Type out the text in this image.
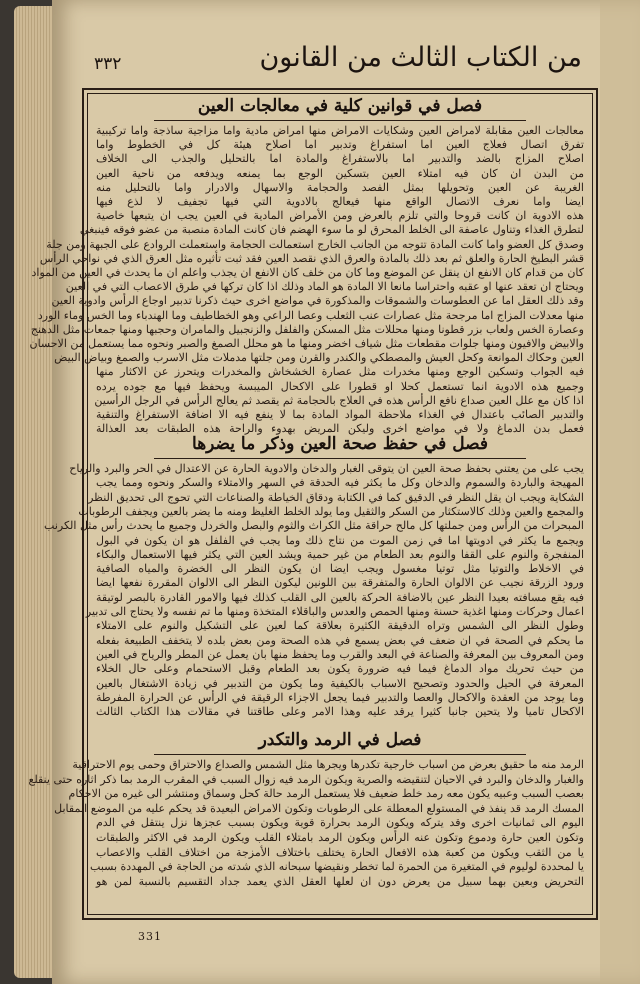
٣٣٢	من الكتاب الثالث من القانون
فصل في قوانين كلية في معالجات العين
معالجات العين مقابلة لامراض العين وشكايات الامراض منها امراض مادية واما مزاجية ساذجة واما تركيبية
تفرق اتصال فعلاج العين اما استفراغ وتدبير اما اصلاح هيئة كل في الخطوط واما
اصلاح المزاج بالضد والتدبير اما بالاستفراغ والمادة اما بالتحليل والجذب الى الخلاف
من البدن ان كان فيه امتلاء العين بتسكين الوجع بما يمنعه ويدفعه من ناحية العين
الغريبة عن العين وتحويلها بمثل الفصد والحجامة والاسهال والادرار واما بالتحليل منه
ايضا واما نعرف الاتصال الواقع منها فيعالج بالادوية التي فيها تجفيف لا لذع فيها
هذه الادوية ان كانت قروحا والتي تلزم بالعرض ومن الأمراض المادية في العين يجب ان يتبعها خاصية
لتطرق الغذاء وتناول عاصفة الى الخلط المحرق لو ما سوء الهضم فان كانت المادة منصبة من عضو فوقه فينبغي
وصدق كل العضو واما كانت المادة تتوجه من الجانب الخارج استعمالت الحجامة واستعملت الروادع على الجبهة ومن جلة
قشر البطيخ الحارة والعلق ثم بعد ذلك بالمادة والعرق الذي نقصد العين فقد ثبت تأثيره مثل العرق الذي في نواحي الرأس
كان من قدام كان الانفع ان ينقل عن الموضع وما كان من خلف كان الانفع ان يجذب واعلم ان ما يحدث في العين من المواد
ويحتاج ان تعقد عنها او عقبه واحتراسا مانعا الا المادة هو الماد وذلك اذا كان تركها في طرق الاعصاب التي في العين
وقد ذلك العقل اما عن العطوسات والشموقات والمذكورة في مواضع اخرى حيث ذكرنا تدبير اوجاع الرأس وادوية العين
منها معدلات المزاج اما مرجحة مثل عصارات عنب الثعلب وعصا الراعي وهو الخطاطيف وما الهندباء وما الخس وماء الورد
وعصارة الخس ولعاب بزر قطونا ومنها محللات مثل المسكن والفلفل والزنجبيل والمامران وحجبها ومنها جمعات مثل الدهنج
والابيض والافيون ومنها جلوات مقطعات مثل شياف اخضر ومنها ما هو محلل الصمغ والصبر ونحوه مما يستعمل من الاحسان
العين وحكاك الموانعة وكحل العيش والمصطكي والكندر والقرن ومن جلتها مدملات مثل الاسرب والصمغ وبياض البيض
فيه الجواب وتسكين الوجع ومنها مخدرات مثل عصارة الخشخاش والمخدرات ويتحرز عن الاكثار منها
وجميع هذه الادوية انما تستعمل كحلا او قطورا على الاكحال الميبسة ويحفظ فيها مع جوده يرده
اذا كان مع علل العين صداع نافع الرأس هذه في العلاج بالحجامة ثم يقصد ثم يعالج الرأس في الرجل الرأسين
والتدبير الصائب باعتدال في الغذاء ملاحظة المواد المادة بما لا ينفع فيه الا اضافة الاستفراغ والتنقية
فعمل بدن الدماغ ولا في مواضع اخرى وليكن المريض بهدوء والراحة هذه الطبقات بعد العذالة
فصل في حفظ صحة العين وذكر ما يضرها
يجب على من يعتني بحفظ صحة العين ان يتوقى الغبار والدخان والادوية الحارة عن الاعتدال في الحر والبرد والرياح
المهيجة والباردة والسموم والدخان وكل ما يكثر فيه الحدقة في السهر والامتلاء والسكر ونحوه ومما يجب
الشكاية ويجب ان يقل النظر في الدقيق كما في الكتابة ودقاق الخياطة والصناعات التي تحوج الى تحديق النظر
والمجمع والعين وذلك كالاستكثار من السكر والثقيل وما يولد الخلط الغليظ ومنه ما يضر بالعين ويجفف الرطوبات
المبحرات من الرأس ومن جملتها كل مالح حراقة مثل الكراث والثوم والبصل والخردل وجميع ما يحدث رأس مثل الكرنب
ويجمع ما يكثر في ادويتها اما في زمن الموت من نتاج ذلك وما يجب في الفلفل هو ان يكون في البول
المنفجرة والنوم على القفا والنوم بعد الطعام من غير حمية ويشد العين التي يكثر فيها الاستعمال والبكاء
في الاخلاط والتوتيا مثل توتيا مغسول ويجب ايضا ان يكون النظر الى الخضرة والمياه الصافية
ورود الزرقة نجيب عن الالوان الحارة والمتفرقة بين اللونين ليكون النظر الى الالوان المقررة نفعها ايضا
فيه يقع مسافته بعيدا النظر عين بالاضافة الحركة بالعين الى القلب كذلك فيها والامور القادرة بالبصر لوتيقة
اعمال وحركات ومنها اغذية حسنة ومنها الحمص والعدس والباقلاء المتخذة ومنها ما تم نفسه ولا يحتاج الى تدبير
وطول النظر الى الشمس وتراه الدقيقة الكثيرة بعلاقة كما لعين على التشكيل والنوم على الامتلاء
ما يحكم في الصحة في ان ضعف في بعض يسمع في هذه الصحة ومن بعض بلده لا يتخفف الطبيعة بفعله
ومن المعروف بين المعرفة والصناعة في البعد والقرب وما يحفظ منها بان يعمل عن المطر والرياح في العين
من حيث تحريك مواد الدماغ فيما فيه ضرورة يكون بعد الطعام وقبل الاستحمام وعلى حال الخلاء
المعرفة في الحيل والحدود وتصحيح الاسباب بالكيفية وما يكون من التدبير في زيادة الاشتغال بالعين
وما يوجد من العقدة والاكحال والعصا والتدبير فيما يجعل الاجزاء الرقيقة في الرأس عن الحرارة المفرطة
الاكحال تاميا ولا يتحين جانبا كثيرا يرقد عليه وهذا الامر وعلى طاقتنا في مقالات هذا الكتاب الثالث
فصل في الرمد والتكدر
الرمد منه ما حقيق بعرض من اسباب خارجية تكدرها ويجرها مثل الشمس والصداع والاحتراق وحمى يوم الاحتراقية
والغبار والدخان والبرد في الاحيان لتنقيضه والصرية ويكون الرمد فيه زوال السبب في المقرب الرمد بما ذكر اثاره حتى ينقلع
بعصب السبب وعبيه يكون معه رمد خلط ضعيف فلا يستعمل الرمد حالة كحل وسماق ومنتشر الى غيره من الاحكام
المسك الرمد قد ينفذ في المستولع المعطلة على الرطوبات وتكون الامراض البعيدة قد يحكم عليه من الموضع المقابل
اليوم الى ثمانيات اخرى وقد يتركه ويكون الرمد بحرارة قوية ويكون بسبب عجزها نزل ينتقل في الدم
وتكون العين حارة ودموع وتكون عنه الرأس ويكون الرمد بامتلاء القلب ويكون الرمد في الاكثر والطبقات
يا من الثقب ويكون من كعبة هذه الافعال الحارة يختلف باختلاف الأمزجة من اختلاف القلب والاعصاب
يا لمحددة لوليوم في المتغيرة من الحمرة لما تخطر ونقيضها سبحانه الذي شدته من الحاجة في المهددة بسبب
التحريض وبعين بهما سبيل من يعرض دون ان لعلها العقل الذي يعمد جداد التقسيم بالنسبة لمن هو
331
